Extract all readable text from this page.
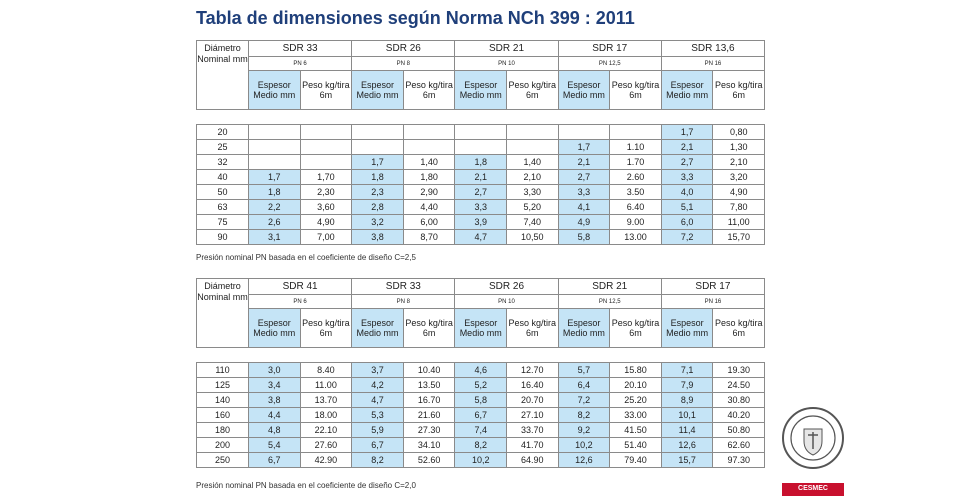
Tabla de dimensiones según Norma NCh 399 : 2011
Diámetro Nominal mm	SDR 33		SDR 26		SDR 21		SDR 17		SDR 13,6	
	PN 6		PN 8		PN 10		PN 12,5		PN 16	
	Espesor Medio mm	Peso kg/tira 6m	Espesor Medio mm	Peso kg/tira 6m	Espesor Medio mm	Peso kg/tira 6m	Espesor Medio mm	Peso kg/tira 6m	Espesor Medio mm	Peso kg/tira 6m

20									1,7	0,80
25							1,7	1.10	2,1	1,30
32			1,7	1,40	1,8	1,40	2,1	1.70	2,7	2,10
40	1,7	1,70	1,8	1,80	2,1	2,10	2,7	2.60	3,3	3,20
50	1,8	2,30	2,3	2,90	2,7	3,30	3,3	3.50	4,0	4,90
63	2,2	3,60	2,8	4,40	3,3	5,20	4,1	6.40	5,1	7,80
75	2,6	4,90	3,2	6,00	3,9	7,40	4,9	9.00	6,0	11,00
90	3,1	7,00	3,8	8,70	4,7	10,50	5,8	13.00	7,2	15,70
Presión nominal PN basada en el coeficiente de diseño C=2,5
Diámetro Nominal mm	SDR 41		SDR 33		SDR 26		SDR 21		SDR 17	
	PN 6		PN 8		PN 10		PN 12,5		PN 16	
	Espesor Medio mm	Peso kg/tira 6m	Espesor Medio mm	Peso kg/tira 6m	Espesor Medio mm	Peso kg/tira 6m	Espesor Medio mm	Peso kg/tira 6m	Espesor Medio mm	Peso kg/tira 6m

110	3,0	8.40	3,7	10.40	4,6	12.70	5,7	15.80	7,1	19.30
125	3,4	11.00	4,2	13.50	5,2	16.40	6,4	20.10	7,9	24.50
140	3,8	13.70	4,7	16.70	5,8	20.70	7,2	25.20	8,9	30.80
160	4,4	18.00	5,3	21.60	6,7	27.10	8,2	33.00	10,1	40.20
180	4,8	22.10	5,9	27.30	7,4	33.70	9,2	41.50	11,4	50.80
200	5,4	27.60	6,7	34.10	8,2	41.70	10,2	51.40	12,6	62.60
250	6,7	42.90	8,2	52.60	10,2	64.90	12,6	79.40	15,7	97.30
Presión nominal PN basada en el coeficiente de diseño C=2,0	CESMEC
